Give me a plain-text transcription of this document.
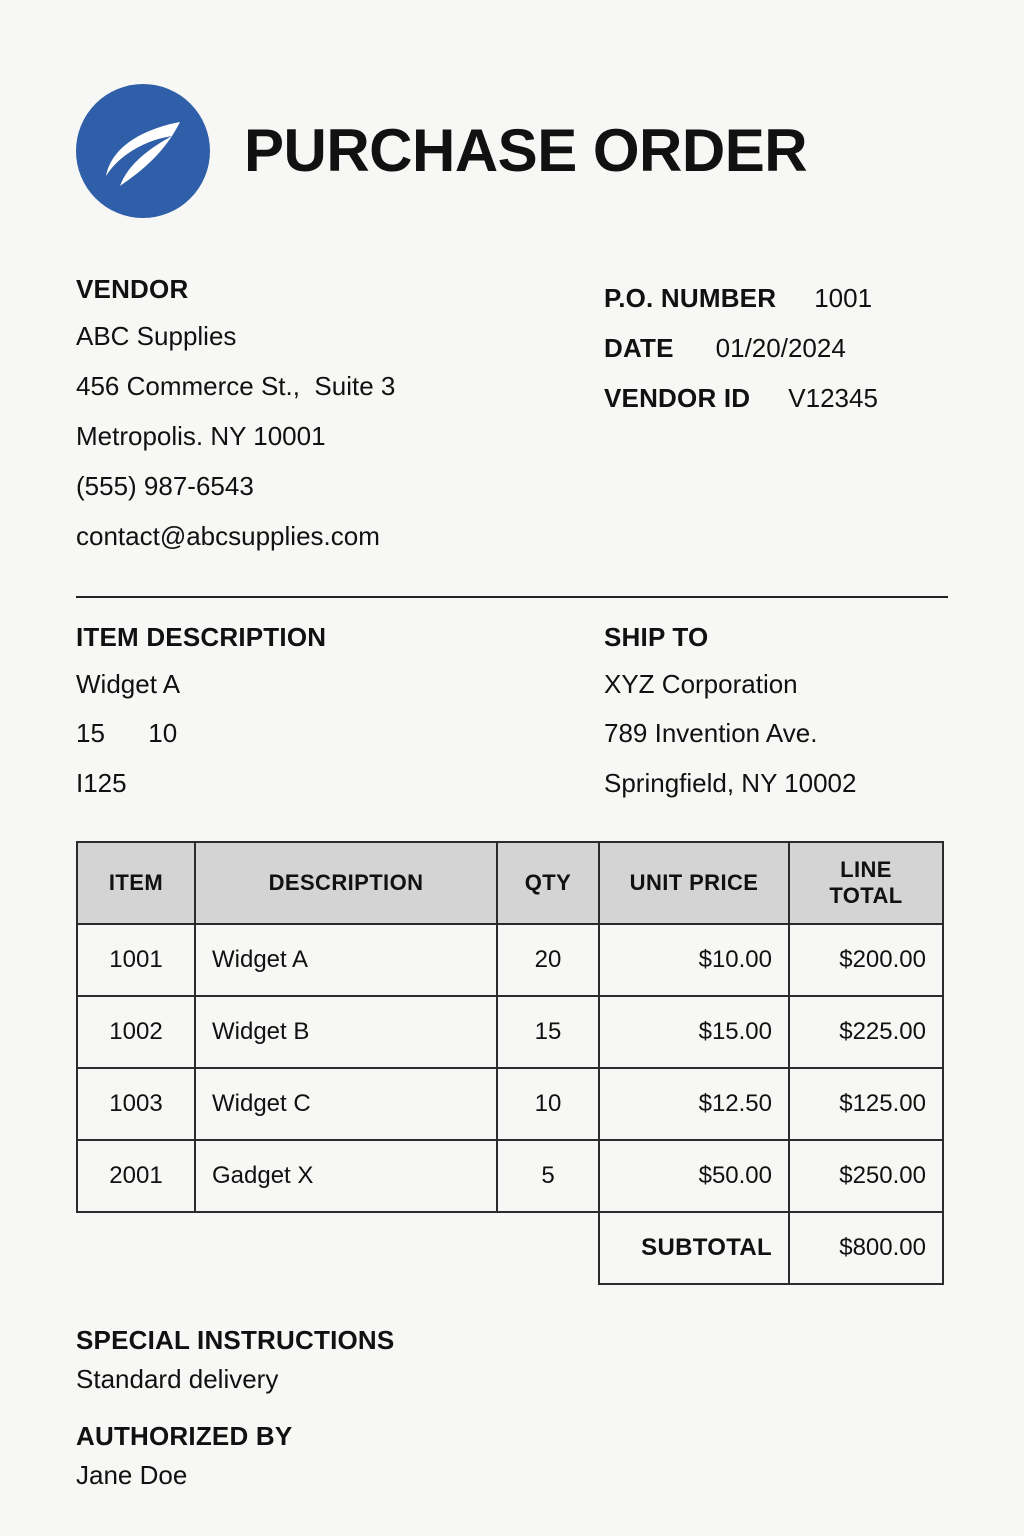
PURCHASE ORDER
VENDOR
ABC Supplies
456 Commerce St.,  Suite 3
Metropolis. NY 10001
(555) 987-6543
contact@abcsupplies.com
P.O. NUMBER 1001
DATE 01/20/2024
VENDOR ID V12345
ITEM DESCRIPTION
Widget A
15      10
I125
SHIP TO
XYZ Corporation
789 Invention Ave.
Springfield, NY 10002
ITEM	DESCRIPTION	QTY	UNIT PRICE	LINE TOTAL
1001	Widget A	20	$10.00	$200.00
1002	Widget B	15	$15.00	$225.00
1003	Widget C	10	$12.50	$125.00
2001	Gadget X	5	$50.00	$250.00
			SUBTOTAL	$800.00
SPECIAL INSTRUCTIONS
Standard delivery
AUTHORIZED BY
Jane Doe
